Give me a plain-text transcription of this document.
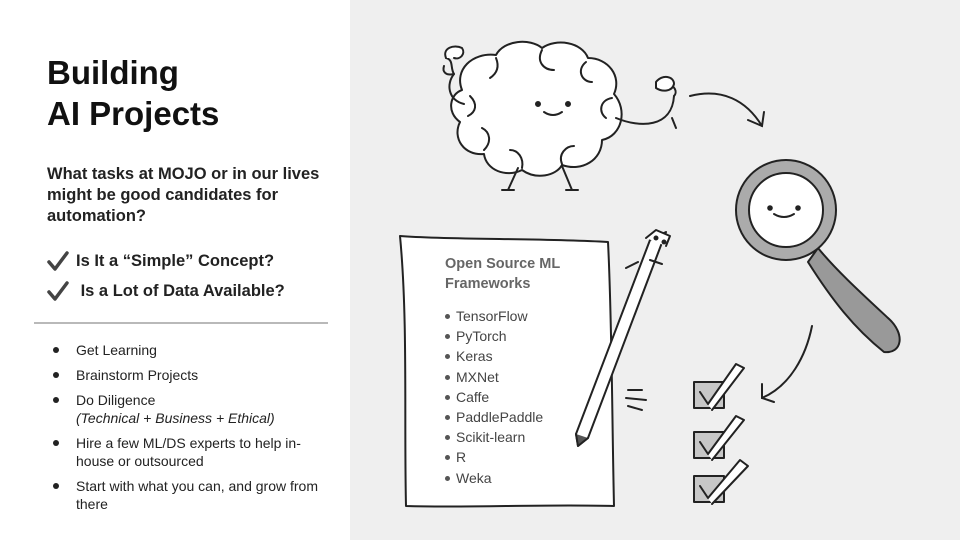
Building
AI Projects
What tasks at MOJO or in our lives might be good candidates for automation?
Is It a “Simple” Concept?
Is a Lot of Data Available?
Get Learning
Brainstorm Projects
Do Diligence
(Technical + Business + Ethical)
Hire a few ML/DS experts to help in-house or outsourced
Start with what you can, and grow from there
Open Source ML Frameworks
TensorFlow
PyTorch
Keras
MXNet
Caffe
PaddlePaddle
Scikit-learn
R
Weka
